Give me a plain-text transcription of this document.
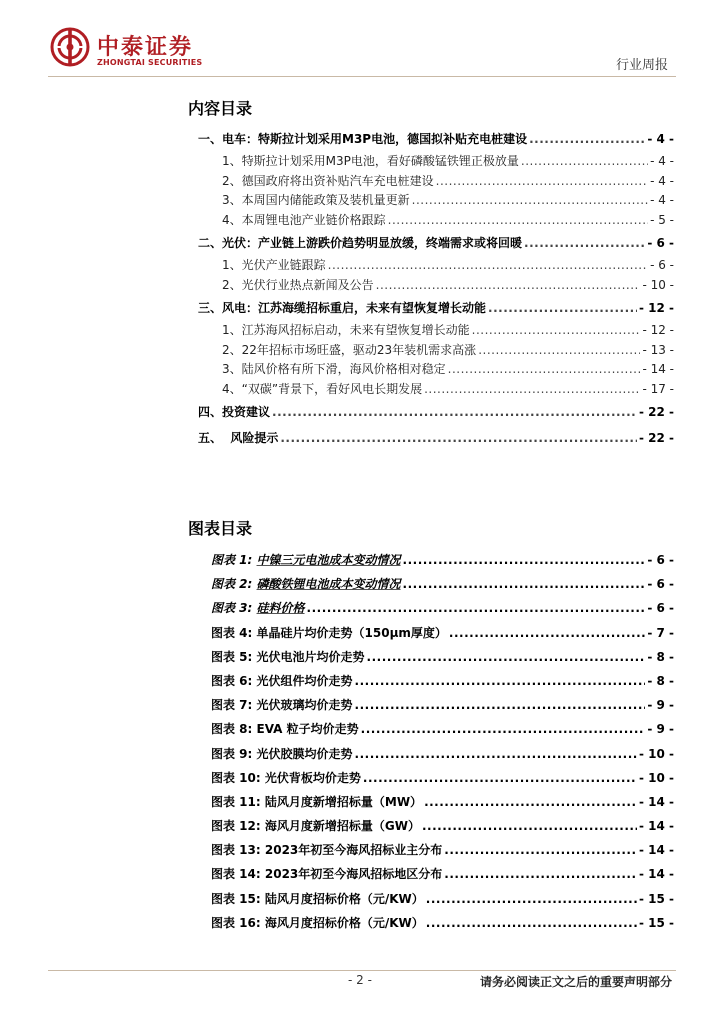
中泰证券
ZHONGTAI SECURITIES	行业周报
内容目录
一、电车：特斯拉计划采用M3P电池，德国拟补贴充电桩建设 .....	- 4 -
1、特斯拉计划采用M3P电池，看好磷酸锰铁锂正极放量 .....	- 4 -
2、德国政府将出资补贴汽车充电桩建设 .....	- 4 -
3、本周国内储能政策及装机量更新 .....	- 4 -
4、本周锂电池产业链价格跟踪 .....	- 5 -
二、光伏：产业链上游跌价趋势明显放缓，终端需求或将回暖 .....	- 6 -
1、光伏产业链跟踪 .....	- 6 -
2、光伏行业热点新闻及公告 .....	- 10 -
三、风电：江苏海缆招标重启，未来有望恢复增长动能 .....	- 12 -
1、江苏海风招标启动，未来有望恢复增长动能 .....	- 12 -
2、22年招标市场旺盛，驱动23年装机需求高涨 .....	- 13 -
3、陆风价格有所下滑，海风价格相对稳定 .....	- 14 -
4、“双碳”背景下，看好风电长期发展 .....	- 17 -
四、投资建议 .....	- 22 -
五、  风险提示 .....	- 22 -
图表目录
图表 1: 中镍三元电池成本变动情况 .....	- 6 -
图表 2: 磷酸铁锂电池成本变动情况 .....	- 6 -
图表 3: 硅料价格 .....	- 6 -
图表 4: 单晶硅片均价走势（150μm厚度） .....	- 7 -
图表 5: 光伏电池片均价走势 .....	- 8 -
图表 6: 光伏组件均价走势 .....	- 8 -
图表 7: 光伏玻璃均价走势 .....	- 9 -
图表 8: EVA 粒子均价走势 .....	- 9 -
图表 9: 光伏胶膜均价走势 .....	- 10 -
图表 10: 光伏背板均价走势 .....	- 10 -
图表 11: 陆风月度新增招标量（MW） .....	- 14 -
图表 12: 海风月度新增招标量（GW） .....	- 14 -
图表 13: 2023年初至今海风招标业主分布 .....	- 14 -
图表 14: 2023年初至今海风招标地区分布 .....	- 14 -
图表 15: 陆风月度招标价格（元/KW） .....	- 15 -
图表 16: 海风月度招标价格（元/KW） .....	- 15 -
- 2 -	请务必阅读正文之后的重要声明部分
